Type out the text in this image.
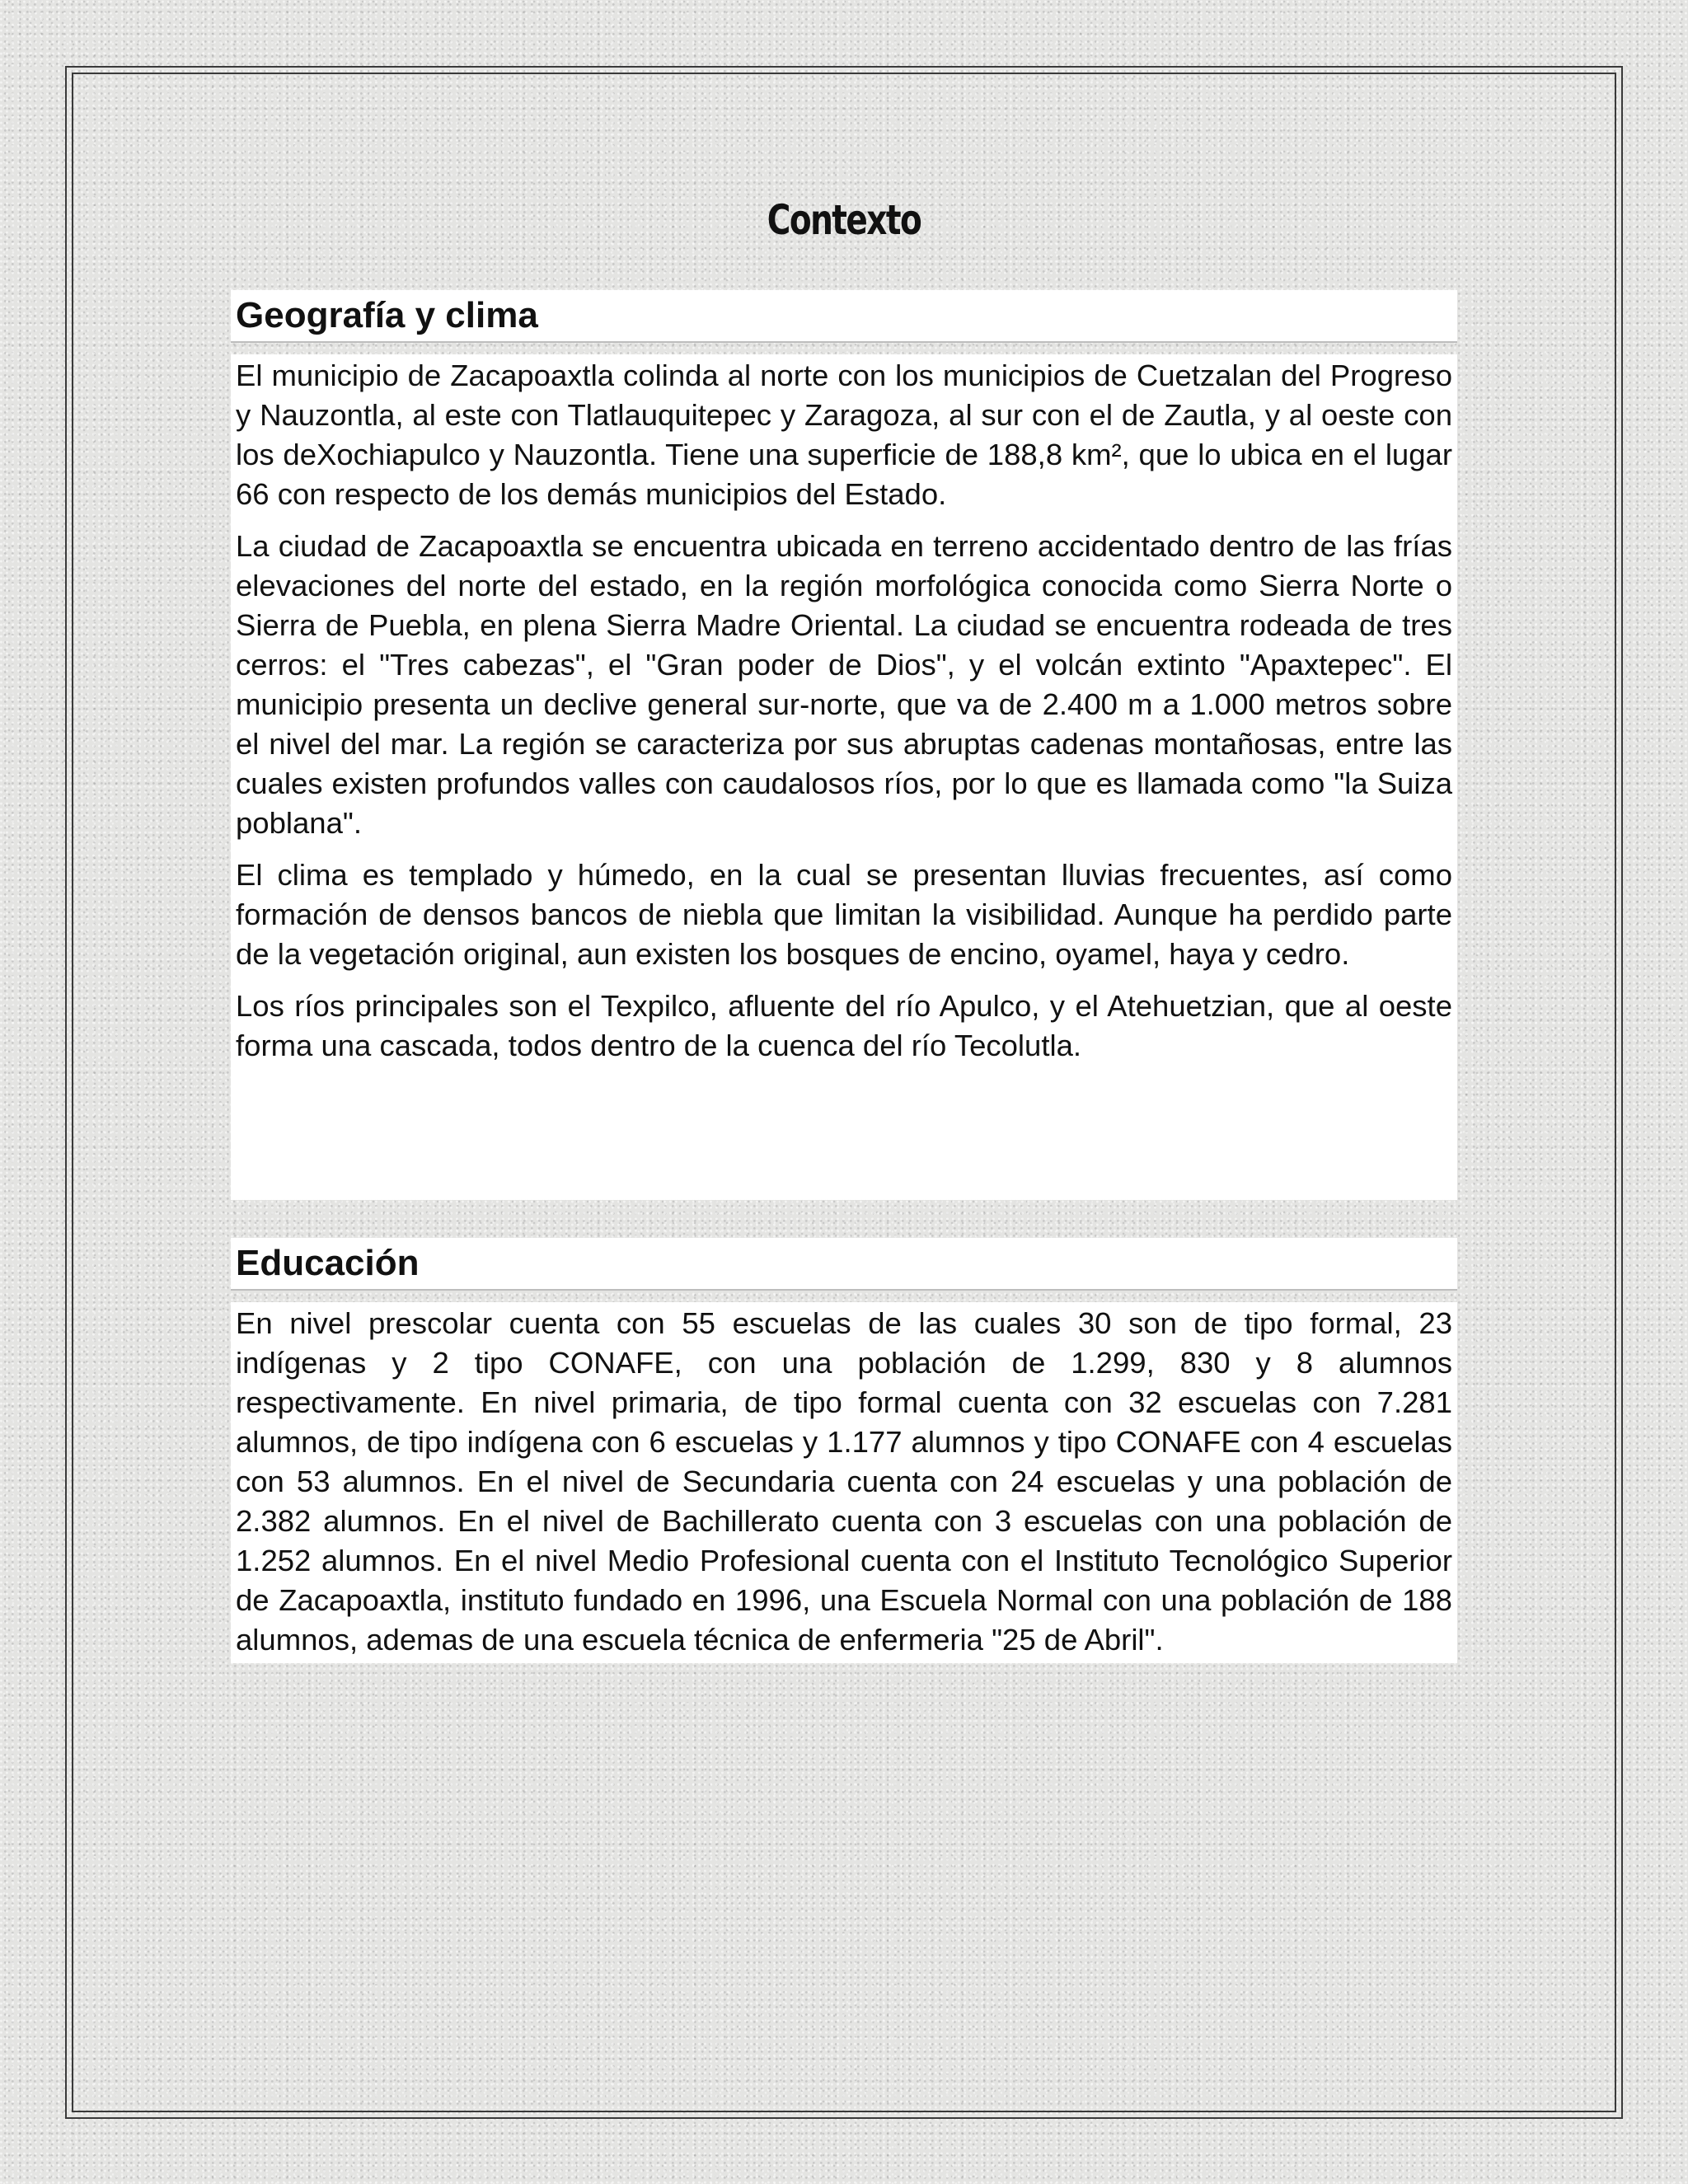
Contexto
Geografía y clima

El municipio de Zacapoaxtla colinda al norte con los municipios de Cuetzalan del Progreso y Nauzontla, al este con Tlatlauquitepec y Zaragoza, al sur con el de Zautla, y al oeste con los deXochiapulco y Nauzontla. Tiene una superficie de 188,8 km², que lo ubica en el lugar 66 con respecto de los demás municipios del Estado.

La ciudad de Zacapoaxtla se encuentra ubicada en terreno accidentado dentro de las frías elevaciones del norte del estado, en la región morfológica conocida como Sierra Norte o Sierra de Puebla, en plena Sierra Madre Oriental. La ciudad se encuentra rodeada de tres cerros: el "Tres cabezas", el "Gran poder de Dios", y el volcán extinto "Apaxtepec". El municipio presenta un declive general sur-norte, que va de 2.400 m a 1.000 metros sobre el nivel del mar. La región se caracteriza por sus abruptas cadenas montañosas, entre las cuales existen profundos valles con caudalosos ríos, por lo que es llamada como "la Suiza poblana".

El clima es templado y húmedo, en la cual se presentan lluvias frecuentes, así como formación de densos bancos de niebla que limitan la visibilidad. Aunque ha perdido parte de la vegetación original, aun existen los bosques de encino, oyamel, haya y cedro.

Los ríos principales son el Texpilco, afluente del río Apulco, y el Atehuetzian, que al oeste forma una cascada, todos dentro de la cuenca del río Tecolutla.

Educación

En nivel prescolar cuenta con 55 escuelas de las cuales 30 son de tipo formal, 23 indígenas y 2 tipo CONAFE, con una población de 1.299, 830 y 8 alumnos respectivamente. En nivel primaria, de tipo formal cuenta con 32 escuelas con 7.281 alumnos, de tipo indígena con 6 escuelas y 1.177 alumnos y tipo CONAFE con 4 escuelas con 53 alumnos. En el nivel de Secundaria cuenta con 24 escuelas y una población de 2.382 alumnos. En el nivel de Bachillerato cuenta con 3 escuelas con una población de 1.252 alumnos. En el nivel Medio Profesional cuenta con el Instituto Tecnológico Superior de Zacapoaxtla, instituto fundado en 1996, una Escuela Normal con una población de 188 alumnos, ademas de una escuela técnica de enfermeria "25 de Abril".
